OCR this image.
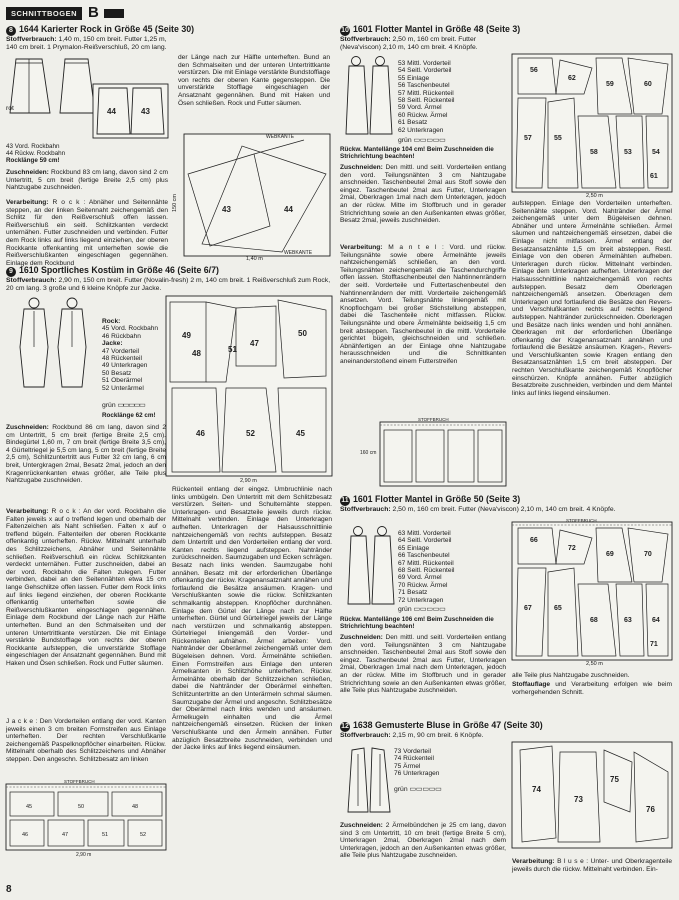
SCHNITTBOGEN B
8 1644 Karierter Rock in Größe 45 (Seite 30)
Stoffverbrauch: 1,40 m, 150 cm breit. Futter 1,25 m, 140 cm breit. 1 Prymalon-Reißverschluß, 20 cm lang.
rot	44	43
43 Vord. Rockbahn
44 Rückw. Rockbahn
Rocklänge 59 cm!
der Länge nach zur Hälfte unterheften. Bund an den Schmalseiten und der unteren Untertrittkante verstürzen. Die mit Einlage verstärkte Bundstoffiage von rechts der oberen Kante gegensteppen. Die unverstärkte Stofflage eingeschlagen der Ansatznaht gegennähen. Bund mit Haken und Ösen schließen. Rock und Futter säumen.
Zuschneiden: Rockbund 83 cm lang, davon sind 2 cm Untertritt, 5 cm breit (fertige Breite 2,5 cm) plus Nahtzugabe zuschneiden.
Verarbeitung: R o c k : Abnäher und Seitennähte steppen, an der linken Seitennaht zeichengemäß den Schlitz für den Reißverschluß offen lassen. Reißverschluß ein seitl. Schlitzkanten verdeckt unternähen. Futter zuschneiden und verbinden. Futter dem Rock links auf links liegend einziehen, der oberen Rockkante offenkanting mit unterheften sowie die Reißverschlußkanten eingeschlagen gegennähen. Einlage dem Rockbund
43	44
WEBKANTE
WEBKANTE
150 cm
1,40 m
9 1610 Sportliches Kostüm in Größe 46 (Seite 6/7)
Stoffverbrauch: 2,90 m, 150 cm breit. Futter (Novalin-fresh) 2 m, 140 cm breit. 1 Reißverschluß zum Rock, 20 cm lang. 3 große und 6 kleine Knöpfe zur Jacke.
Rock:
45 Vord. Rockbahn
46 Rückbahn
Jacke:
47 Vorderteil
48 Rückenteil
49 Unterkragen
50 Besatz
51 Oberärmel
52 Unterärmel
grün ▭▭▭▭▭
Rocklänge 62 cm!
49
48	51
47
50
46	52	45
2,90 m
Zuschneiden: Rockbund 86 cm lang, davon sind 2 cm Untertritt, 5 cm breit (fertige Breite 2,5 cm). Bindegürtel 1,60 m, 7 cm breit (fertige Breite 3,5 cm), 4 Gürteltriegel je 5,5 cm lang, 5 cm breit (fertige Breite 2,5 cm), Schlitzuntertritt aus Futter 32 cm lang, 6 cm breit, Untergkragen 2mal, Besatz 2mal, jedoch an den Kragenrückenkanten etwas größer, alle Teile plus Nahtzugabe zuschneiden.
Verarbeitung: R o c k : An der vord. Rockbahn die Falten jeweils x auf o treffend legen und oberhalb der Faltenzeichen als Naht schließen. Falten x auf o treffend bügeln. Faltenteifen der oberen Rockkante offenkantig unterheften. Rückw. Mittelnaht unterhalb des Schlitzzeichens, Abnäher und Seitennähte schließen. Reißverschluß ein rückw. Schlitzkanten verdeckt unternähen. Futter zuschneiden, dabei an der vord. Rockbahn die Falten zulegen. Futter verbinden, dabei an den Seitennähten etwa 15 cm lange Gehschlitze offen lassen. Futter dem Rock links auf links liegend einziehen, der oberen Rockkante offenkantig unterheften sowie die Reißverschlußkanten eingeschlagen gegennähen. Einlage dem Rockbund der Länge nach zur Hälfte unterheften. Bund an den Schmalseiten und der unteren Untertrittkante verstürzen. Die mit Einlage verstärkte Bundstofflage von rechts der oberen Rockkante aufsteppen, die unverstärkte Stofflage eingeschlagen der Ansatznaht gegennähen. Bund mit Haken und Ösen schließen. Rock und Futter säumen.
J a c k e : Den Vorderteilen entlang der vord. Kanten jeweils einen 3 cm breiten Formstreifen aus Einlage unterheften. Der rechten Verschlußkante zeichengemäß Paspelknopflöcher einarbeiten. Rückw. Mittelnaht oberhalb des Schlitzzeichens und Abnäher steppen. Den angeschn. Schlitzbesatz am linken
45	50	48
46	47	51	52
STOFFBRUCH
2,90 m
Rückenteil entlang der eingez. Umbruchlinie nach links umbügeln. Den Untertritt mit dem Schlitzbesatz verstürzen. Seiten- und Schulternähte steppen. Unterkragen- und Besatzteile jeweils durch rückw. Mittelnaht verbinden. Einlage den Unterkragen aufheften. Unterkragen der Halsausschnittlinie nahtzeichengemäß von rechts aufsteppen. Besatz dem Untertritt und den Vorderteilen entlang der vord. Kanten rechts liegend aufsteppen. Nahtränder zurückschneiden. Saumzugaben und Ecken schrägen. Besatz nach links wenden. Saumzugabe hohl annähen. Besatz mit der erforderlichen Überlänge offenkantig der rückw. Kragenansatznaht annähen und fortlaufend die Besätze ansäumen. Kragen- und Verschlußkanten sowie die rückw. Schlitzkanten schmalkantig absteppen. Knopflöcher durchnähen. Einlage dem Gürtel der Länge nach zur Hälfte unterheften. Gürtel und Gürtelriegel jeweils der Länge nach verstürzen und schmalkantig absteppen. Gürtelriegel liniengemäß den Vorder- und Rückenteilen aufnähen. Ärmel arbeiten: Vord. Nahtränder der Oberärmel zeichengemäß unter dem Bügeleisen dehnen. Vord. Ärmelnähte schließen. Einen Formstreifen aus Einlage den unteren Ärmelkanten in Schlitzhöhe unterheften. Rückw. Ärmelnähte oberhalb der Schlitzzeichen schließen, dabei die Nahtränder der Oberärmel einheften. Schlitzuntertritte an den Unterärmeln schmal säumen. Saumzugabe der Ärmel und angeschn. Schlitzbesätze der Oberärmel nach links wenden und ansäumen. Ärmelkugeln einhalten und die Ärmel nahtzeichengemäß einsetzen. Rücken der linken Verschlußkante und den Ärmeln annähen. Futter abzüglich Besatzbreite zuschneiden, verbinden und der Jacke links auf links liegend einsäumen.
10 1601 Flotter Mantel in Größe 48 (Seite 3)
Stoffverbrauch: 2,50 m, 160 cm breit. Futter (Neva'viscon) 2,10 m, 140 cm breit. 4 Knöpfe.
53 Mittl. Vorderteil
54 Seitl. Vorderteil
55 Einlage
56 Taschenbeutel
57 Mittl. Rückenteil
58 Seitl. Rückenteil
59 Vord. Ärmel
60 Rückw. Ärmel
61 Besatz
62 Unterkragen
grün ▭▭▭▭▭
Rückw. Mantellänge 104 cm! Beim Zuschneiden die Strichrichtung beachten!
Zuschneiden: Den mittl. und seitl. Vorderteilen entlang den vord. Teilungsnähten 3 cm Nahtzugabe anschneiden. Taschenbeutel 2mal aus Stoff sowie den eingez. Taschenbeutel 2mal aus Futter, Unterkragen 2mal, Oberkragen 1mal nach dem Unterkragen, jedoch an der rückw. Mitte im Stoffbruch und in gerader Strichrichtung sowie an den Außenkanten etwas größer, Besatz 2mal, jeweils zuschneiden.
Verarbeitung: M a n t e l : Vord. und rückw. Teilungsnähte sowie obere Ärmelnähte jeweils nahtzeichengemäß schließen, an den vord. Teilungsnähten zeichengemäß die Taschendurchgriffe offen lassen. Stofftaschenbeutel den Nahtinnenrändern der seitl. Vorderteile und Futtertaschenbeutel den Nahtinnenrändern der mittl. Vorderteile zeichengemäß ansetzen. Vord. Teilungsnähte liniengemäß mit Knopflochgarn bei großer Stichstellung absteppen, dabei die Taschenteile nicht mitfassen. Rückw. Teilungsnähte und obere Ärmelnähte beidseitig 1,5 cm breit absteppen. Taschenbeutel in die mittl. Vorderteile gerichtet bügeln, gleichschneiden und schließen. Abnähfertigen an der Einlage ohne Nahtzugabe herausschneiden und die Schnittkanten aneinanderstoßend einem Futterstreifen
56
62
59	60
57	55
58	53	54
61
2,50 m
aufsteppen. Einlage den Vorderteilen unterheften. Seitennähte steppen. Vord. Nahtränder der Ärmel zeichengemäß unter dem Bügeleisen dehnen. Abnäher und untere Ärmelnähte schließen. Ärmel säumen und nahtzeichengemäß einsetzen, dabei die Einlage nicht mitfassen. Ärmel entlang der Besatzansatznähte 1,5 cm breit absteppen. Restl. Einlage von den oberen Ärmelnähten aufheben. Unterkragen durch rückw. Mittelnaht verbinden. Einlage dem Unterkragen aufheften. Unterkragen der Halsausschnittlinie nahtzeichengemäß von rechts aufsteppen. Besatz dem Oberkragen nahtzeichengemäß ansetzen. Oberkragen dem Unterkragen und fortlaufend die Besätze den Revers- und Verschlußkanten rechts auf rechts liegend aufsteppen. Nahtränder zurückschneiden. Oberkragen und Besätze nach links wenden und hohl annähen. Oberkragen mit der erforderlichen Überlänge offenkantig der Kragenansatznaht annähen und fortlaufend die Besätze ansäumen. Kragen-, Revers- und Verschlußkanten sowie Kragen entlang den Besatzansatznähten 1,5 cm breit absteppen. Der rechten Verschlußkante zeichengemäß Knopflöcher einschürzen. Knöpfe annähen. Futter abzüglich Besatzbreite zuschneiden, verbinden und dem Mantel links auf links liegend einsäumen.
STOFFBRUCH
160 cm
11 1601 Flotter Mantel in Größe 50 (Seite 3)
Stoffverbrauch: 2,50 m, 160 cm breit. Futter (Neva'viscon) 2,10 m, 140 cm breit. 4 Knöpfe.
63 Mittl. Vorderteil
64 Seitl. Vorderteil
65 Einlage
66 Taschenbeutel
67 Mittl. Rückenteil
68 Seitl. Rückenteil
69 Vord. Ärmel
70 Rückw. Ärmel
71 Besatz
72 Unterkragen
grün ▭▭▭▭▭
Rückw. Mantellänge 106 cm! Beim Zuschneiden die Strichrichtung beachten!
Zuschneiden: Den mittl. und seitl. Vorderteilen entlang den vord. Teilungsnähten 3 cm Nahtzugabe anschneiden. Taschenbeutel 2mal aus Stoff sowie den eingez. Taschenbeutel 2mal aus Futter, Unterkragen 2mal, Oberkragen 1mal nach dem Unterkragen, jedoch an der rückw. Mitte im Stoffbruch und in gerader Strichrichtung sowie an den Außenkanten etwas größer, alle Teile plus Nahtzugabe zuschneiden.
66
72
69	70
67	65
68	63	64
71
STOFFBRUCH
2,50 m
alle Teile plus Nahtzugabe zuschneiden.
Stoffauflage und Verarbeitung erfolgen wie beim vorhergehenden Schnitt.
12 1638 Gemusterte Bluse in Größe 47 (Seite 30)
Stoffverbrauch: 2,15 m, 90 cm breit. 6 Knöpfe.
73 Vorderteil
74 Rückenteil
75 Ärmel
76 Unterkragen
grün ▭▭▭▭▭
Zuschneiden: 2 Ärmelbündchen je 25 cm lang, davon sind 3 cm Untertritt, 10 cm breit (fertige Breite 5 cm), Unterkragen 2mal, Oberkragen 2mal nach dem Unterkragen, jedoch an den Außenkanten etwas größer, alle Teile plus Nahtzugabe zuschneiden.
74
73
75
76
Verarbeitung: B l u s e : Unter- und Oberkragenteile jeweils durch die rückw. Mittelnaht verbinden. Ein-
8
